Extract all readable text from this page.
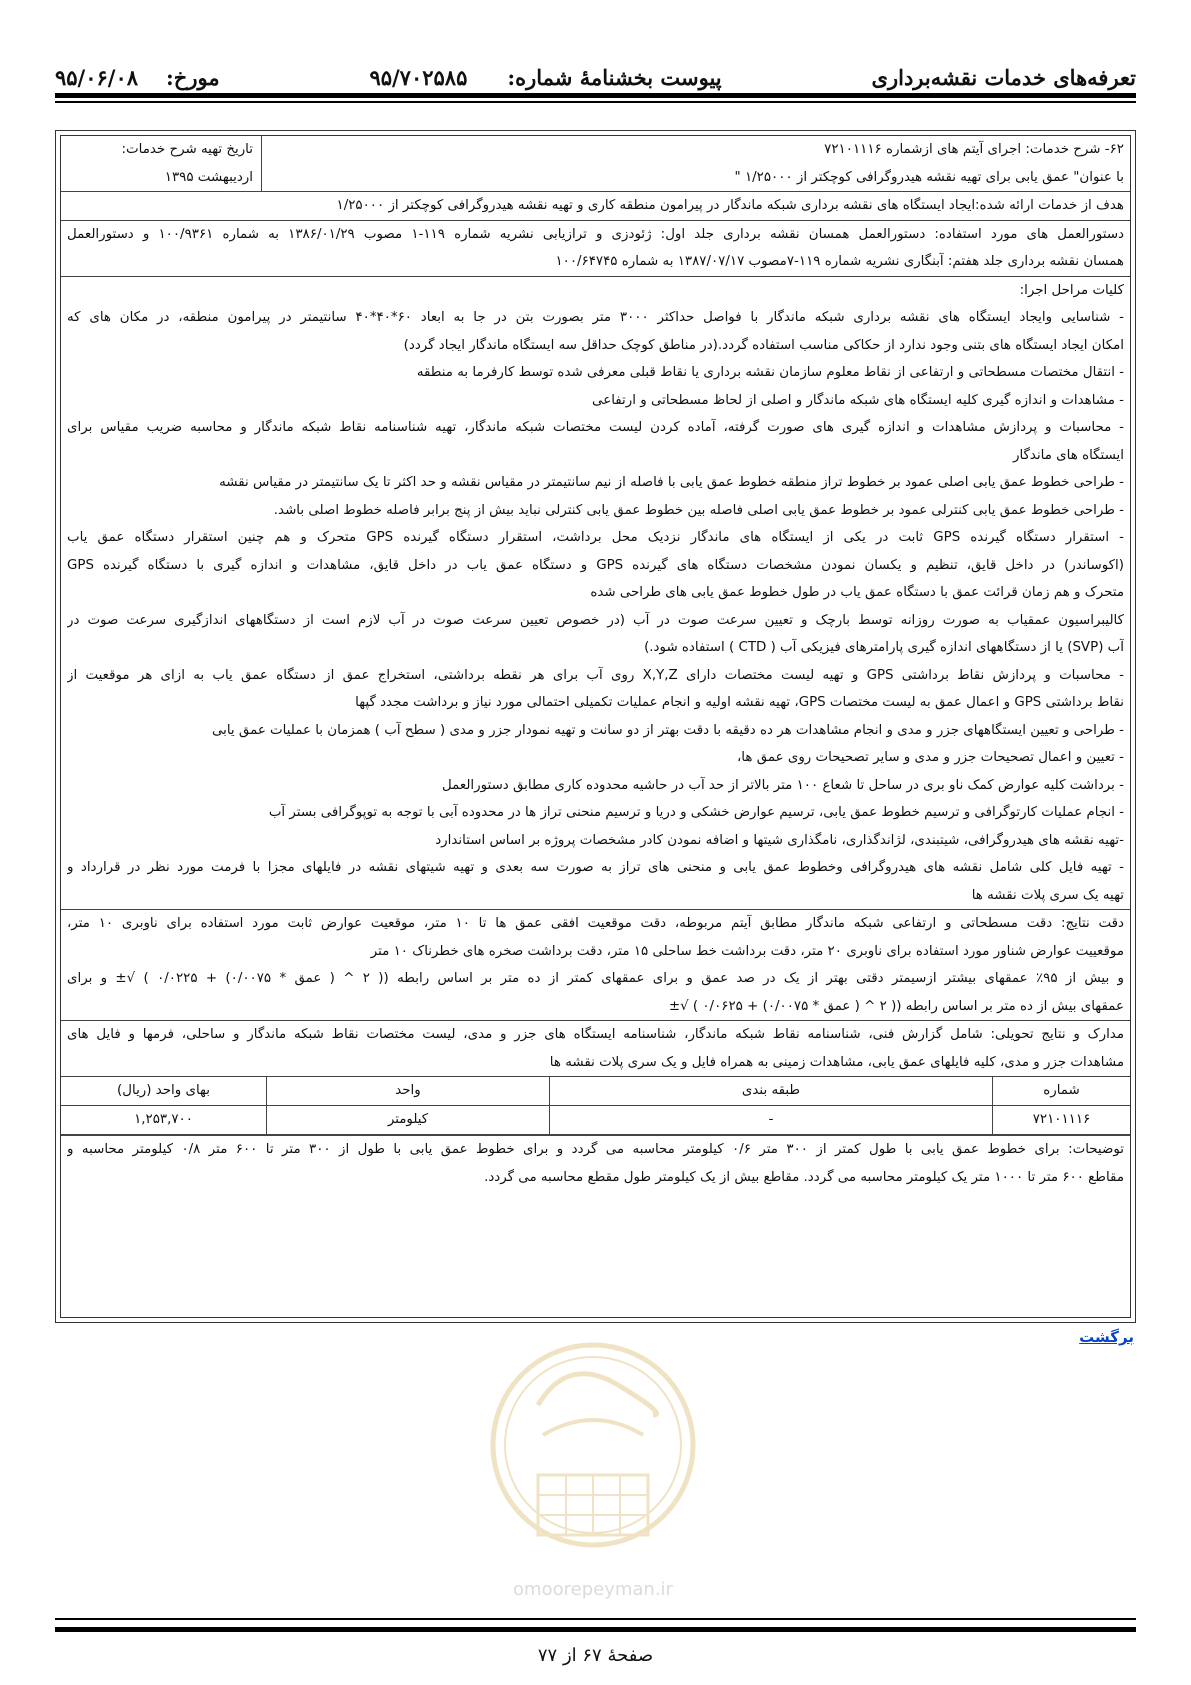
تعرفه‌های خدمات نقشه‌برداری
پیوست بخشنامهٔ شماره:
۹۵/۷۰۲۵۸۵
مورخ:
۹۵/۰۶/۰۸
۶۲- شرح خدمات: اجرای آیتم های ازشماره ۷۲۱۰۱۱۱۶
با عنوان" عمق یابی برای تهیه نقشه هیدروگرافی کوچکتر از ۱/۲۵۰۰۰ "
تاریخ تهیه شرح خدمات:
اردیبهشت ۱۳۹۵
هدف از خدمات ارائه شده:ایجاد ایستگاه های نقشه برداری شبکه ماندگار در پیرامون منطقه کاری و تهیه نقشه هیدروگرافی کوچکتر از ۱/۲۵۰۰۰
دستورالعمل های مورد استفاده: دستورالعمل همسان نقشه برداری جلد اول: ژئودزی و ترازیابی نشریه شماره ۱۱۹-۱ مصوب ۱۳۸۶/۰۱/۲۹ به شماره ۱۰۰/۹۳۶۱ و دستورالعمل
همسان نقشه برداری جلد هفتم: آبنگاری نشریه شماره ۱۱۹-۷مصوب ۱۳۸۷/۰۷/۱۷ به شماره ۱۰۰/۶۴۷۴۵
کلیات مراحل اجرا:
- شناسایی وایجاد ایستگاه های نقشه برداری شبکه ماندگار با فواصل حداکثر ۳۰۰۰ متر بصورت بتن در جا به ابعاد ۶۰*۴۰*۴۰ سانتیمتر در پیرامون منطقه، در مکان های که
امکان ایجاد ایستگاه های بتنی وجود ندارد از حکاکی مناسب استفاده گردد.(در مناطق کوچک حداقل سه ایستگاه ماندگار ایجاد گردد)
- انتقال مختصات مسطحاتی و ارتفاعی از نقاط معلوم سازمان نقشه برداری یا نقاط قبلی معرفی شده توسط کارفرما به منطقه
- مشاهدات و اندازه گیری کلیه ایستگاه های شبکه ماندگار و اصلی از لحاظ مسطحاتی و ارتفاعی
- محاسبات و پردازش مشاهدات و اندازه گیری های صورت گرفته، آماده کردن لیست مختصات شبکه ماندگار، تهیه شناسنامه نقاط شبکه ماندگار و محاسبه ضریب مقیاس برای
ایستگاه های ماندگار
- طراحی خطوط عمق یابی اصلی عمود بر خطوط تراز منطقه خطوط عمق یابی با فاصله از نیم سانتیمتر در مقیاس نقشه و حد اکثر تا یک سانتیمتر در مقیاس نقشه
- طراحی خطوط عمق یابی کنترلی عمود بر خطوط عمق یابی اصلی فاصله بین خطوط عمق یابی کنترلی نباید بیش از پنج برابر فاصله خطوط اصلی باشد.
- استقرار دستگاه گیرنده GPS ثابت در یکی از ایستگاه های ماندگار نزدیک محل برداشت، استقرار دستگاه گیرنده GPS متحرک و هم چنین استقرار دستگاه عمق یاب
(اکوساندر) در داخل قایق، تنظیم و یکسان نمودن مشخصات دستگاه های گیرنده GPS و دستگاه عمق یاب در داخل قایق، مشاهدات و اندازه گیری با دستگاه گیرنده GPS
متحرک و هم زمان قرائت عمق با دستگاه عمق یاب در طول خطوط عمق یابی های طراحی شده
کالیبراسیون عمقیاب به صورت روزانه توسط بارچک و تعیین سرعت صوت در آب (در خصوص تعیین سرعت صوت در آب لازم است از دستگاههای اندازگیری سرعت صوت در
آب (SVP) یا از دستگاههای اندازه گیری پارامترهای فیزیکی آب ( CTD ) استفاده شود.)
- محاسبات و پردازش نقاط برداشتی GPS و تهیه لیست مختصات دارای X,Y,Z روی آب برای هر نقطه برداشتی، استخراج عمق از دستگاه عمق یاب به ازای هر موقعیت از
نقاط برداشتی GPS و اعمال عمق به لیست مختصات GPS، تهیه نقشه اولیه و انجام عملیات تکمیلی احتمالی مورد نیاز و برداشت مجدد گپها
- طراحی و تعیین ایستگاههای جزر و مدی و انجام مشاهدات هر ده دقیقه با دقت بهتر از دو سانت و تهیه نمودار جزر و مدی ( سطح آب ) همزمان با عملیات عمق یابی
- تعیین و اعمال تصحیحات جزر و مدی و سایر تصحیحات روی عمق ها،
- برداشت کلیه عوارض کمک ناو بری در ساحل تا شعاع ۱۰۰ متر بالاتر از حد آب در حاشیه محدوده کاری مطابق دستورالعمل
- انجام عملیات کارتوگرافی و ترسیم خطوط عمق یابی، ترسیم عوارض خشکی و دریا و ترسیم منحنی تراز ها در محدوده آبی با توجه به توپوگرافی بستر آب
-تهیه نقشه های هیدروگرافی، شیتبندی، لژاندگذاری، نامگذاری شیتها و اضافه نمودن کادر مشخصات پروژه بر اساس استاندارد
- تهیه فایل کلی شامل نقشه های هیدروگرافی وخطوط عمق یابی و منحنی های تراز به صورت سه بعدی و تهیه شیتهای نقشه در فایلهای مجزا با فرمت مورد نظر در قرارداد و
تهیه یک سری پلات نقشه ها
دقت نتایج: دقت مسطحاتی و ارتفاعی شبکه ماندگار مطابق آیتم مربوطه، دقت موقعیت افقی عمق ها تا ۱۰ متر، موقعیت عوارض ثابت مورد استفاده برای ناوبری ۱۰ متر،
موقعییت عوارض شناور مورد استفاده برای ناوبری ۲۰ متر، دقت برداشت خط ساحلی ۱۵ متر، دقت برداشت صخره های خطرناک ۱۰ متر
و بیش از ۹۵٪ عمقهای بیشتر ازسیمتر دقتی بهتر از یک در صد عمق و برای عمقهای کمتر از ده متر بر اساس رابطه (( ۲ ^ ( عمق * ۰/۰۰۷۵) + ۰/۰۲۲۵ ) √± و برای
عمقهای بیش از ده متر بر اساس رابطه (( ۲ ^ ( عمق * ۰/۰۰۷۵) + ۰/۰۶۲۵ ) √±
مدارک و نتایج تحویلی: شامل گزارش فنی، شناسنامه نقاط شبکه ماندگار، شناسنامه ایستگاه های جزر و مدی، لیست مختصات نقاط شبکه ماندگار و ساحلی، فرمها و فایل های
مشاهدات جزر و مدی، کلیه فایلهای عمق یابی، مشاهدات زمینی به همراه فایل و یک سری پلات نقشه ها
شماره	طبقه بندی	واحد	بهای واحد (ریال)
۷۲۱۰۱۱۱۶	-	کیلومتر	۱,۲۵۳,۷۰۰
توضیحات: برای خطوط عمق یابی با طول کمتر از ۳۰۰ متر ۰/۶ کیلومتر محاسبه می گردد و برای خطوط عمق یابی با طول از ۳۰۰ متر تا ۶۰۰ متر ۰/۸ کیلومتر محاسبه و
مقاطع ۶۰۰ متر تا ۱۰۰۰ متر یک کیلومتر محاسبه می گردد. مقاطع بیش از یک کیلومتر طول مقطع محاسبه می گردد.
برگشت
omoorepeyman.ir
صفحهٔ ۶۷ از ۷۷
